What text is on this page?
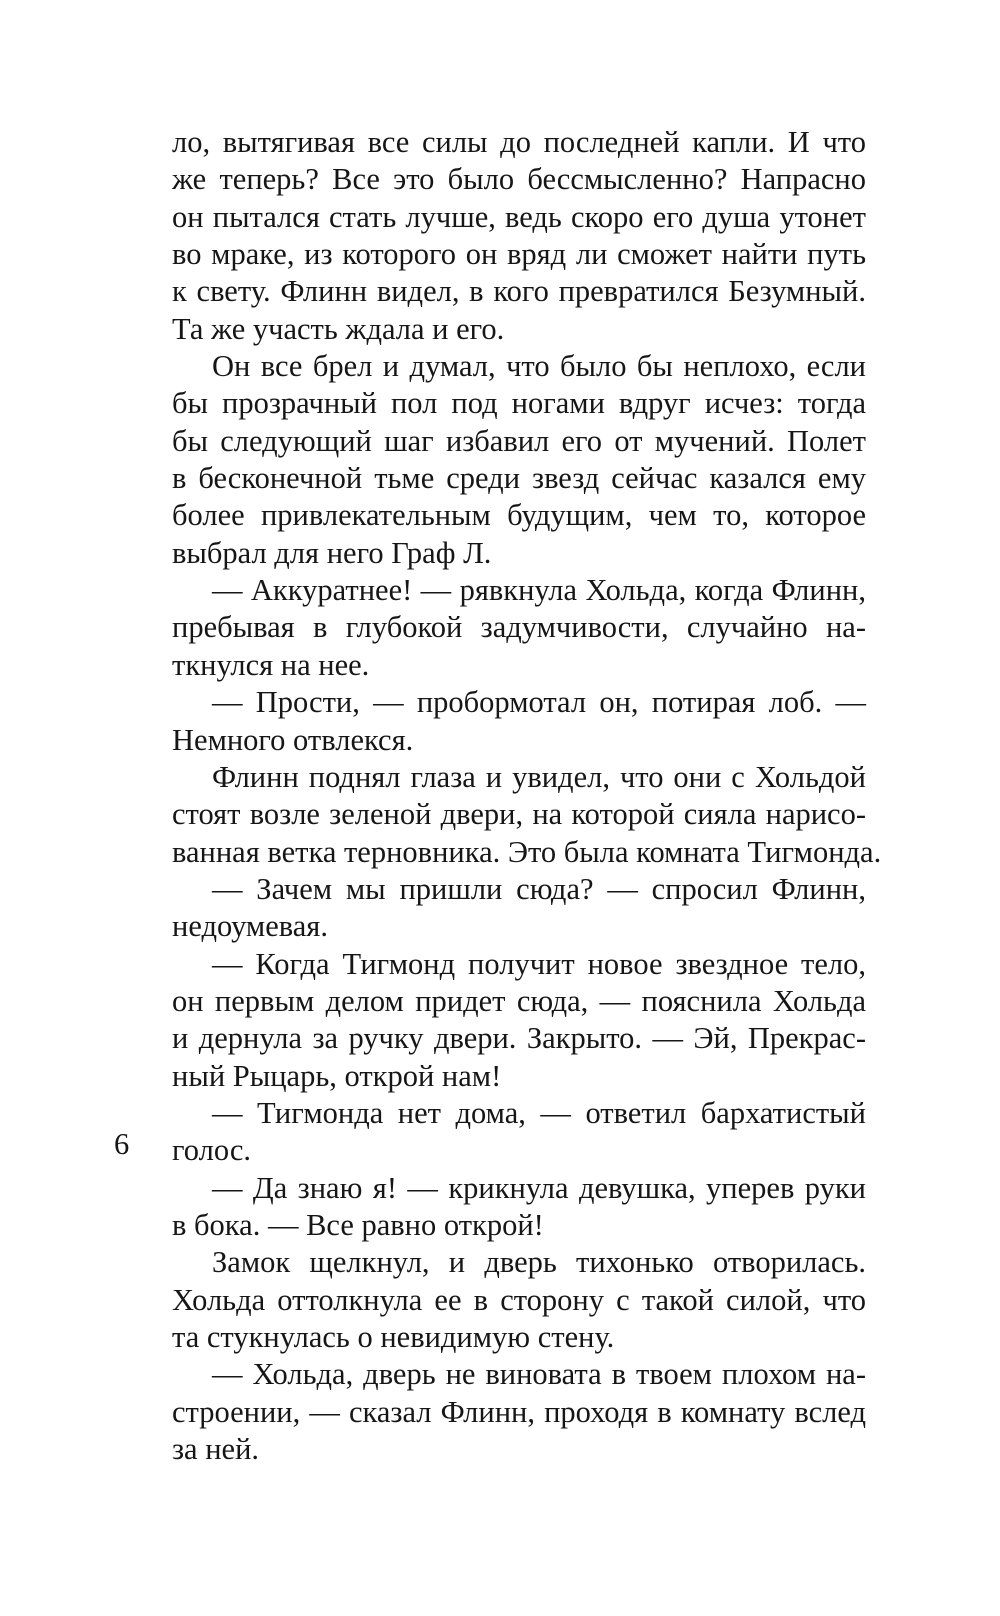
ло, вытягивая все силы до последней капли. И что
же теперь? Все это было бессмысленно? Напрасно
он пытался стать лучше, ведь скоро его душа утонет
во мраке, из которого он вряд ли сможет найти путь
к свету. Флинн видел, в кого превратился Безумный.
Та же участь ждала и его.
Он все брел и думал, что было бы неплохо, если
бы прозрачный пол под ногами вдруг исчез: тогда
бы следующий шаг избавил его от мучений. Полет
в бесконечной тьме среди звезд сейчас казался ему
более привлекательным будущим, чем то, которое
выбрал для него Граф Л.
— Аккуратнее! — рявкнула Хольда, когда Флинн,
пребывая в глубокой задумчивости, случайно на-
ткнулся на нее.
— Прости, — пробормотал он, потирая лоб. —
Немного отвлекся.
Флинн поднял глаза и увидел, что они с Хольдой
стоят возле зеленой двери, на которой сияла нарисо-
ванная ветка терновника. Это была комната Тигмонда.
— Зачем мы пришли сюда? — спросил Флинн,
недоумевая.
— Когда Тигмонд получит новое звездное тело,
он первым делом придет сюда, — пояснила Хольда
и дернула за ручку двери. Закрыто. — Эй, Прекрас-
ный Рыцарь, открой нам!
— Тигмонда нет дома, — ответил бархатистый
голос.
— Да знаю я! — крикнула девушка, уперев руки
в бока. — Все равно открой!
Замок щелкнул, и дверь тихонько отворилась.
Хольда оттолкнула ее в сторону с такой силой, что
та стукнулась о невидимую стену.
— Хольда, дверь не виновата в твоем плохом на-
строении, — сказал Флинн, проходя в комнату вслед
за ней.
6
